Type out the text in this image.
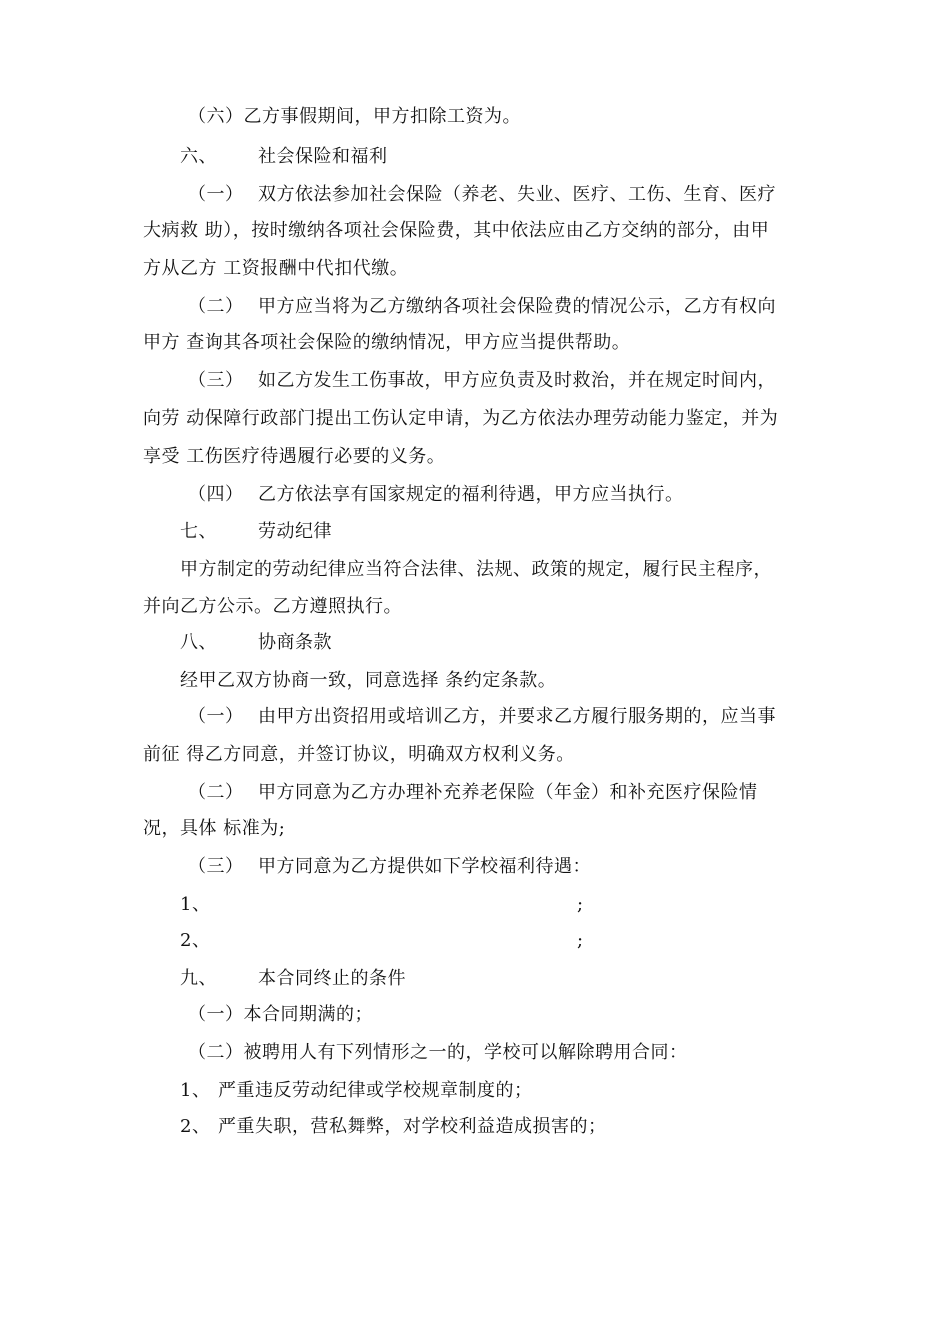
（六）乙方事假期间，甲方扣除工资为。
六、 社会保险和福利
（一） 双方依法参加社会保险（养老、失业、医疗、工伤、生育、医疗
大病救 助），按时缴纳各项社会保险费，其中依法应由乙方交纳的部分，由甲
方从乙方 工资报酬中代扣代缴。
（二） 甲方应当将为乙方缴纳各项社会保险费的情况公示，乙方有权向
甲方 查询其各项社会保险的缴纳情况，甲方应当提供帮助。
（三） 如乙方发生工伤事故，甲方应负责及时救治，并在规定时间内，
向劳 动保障行政部门提出工伤认定申请，为乙方依法办理劳动能力鉴定，并为
享受 工伤医疗待遇履行必要的义务。
（四） 乙方依法享有国家规定的福利待遇，甲方应当执行。
七、 劳动纪律
甲方制定的劳动纪律应当符合法律、法规、政策的规定，履行民主程序，
并向乙方公示。乙方遵照执行。
八、 协商条款
经甲乙双方协商一致，同意选择 条约定条款。
（一） 由甲方出资招用或培训乙方，并要求乙方履行服务期的，应当事
前征 得乙方同意，并签订协议，明确双方权利义务。
（二） 甲方同意为乙方办理补充养老保险（年金）和补充医疗保险情
况，具体 标准为;
（三） 甲方同意为乙方提供如下学校福利待遇：
1、	;
2、	;
九、 本合同终止的条件
（一）本合同期满的；
（二）被聘用人有下列情形之一的，学校可以解除聘用合同：
1、 严重违反劳动纪律或学校规章制度的；
2、 严重失职，营私舞弊，对学校利益造成损害的；
